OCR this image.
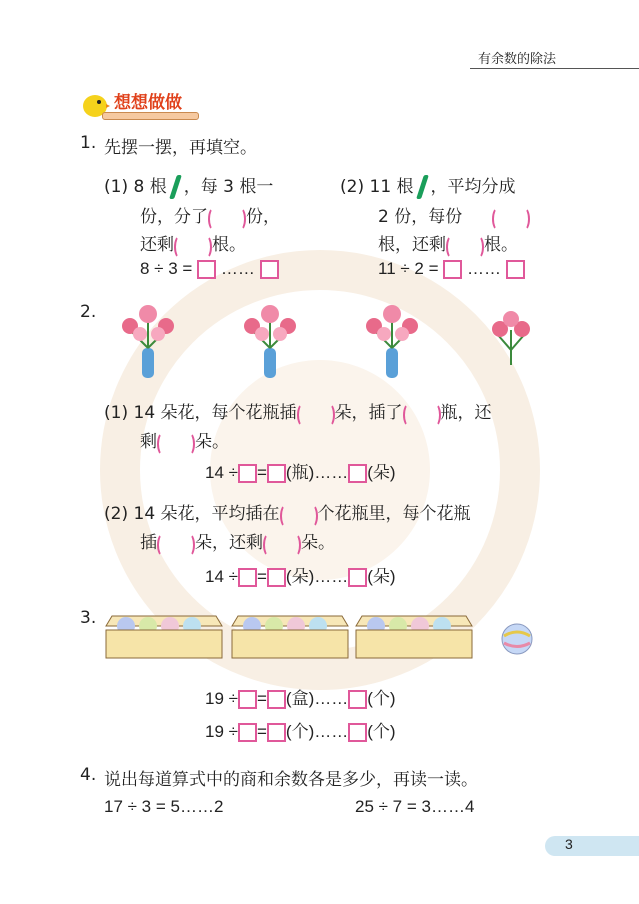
有余数的除法
想想做做
1. 先摆一摆，再填空。
(1) 8 根 ，每 3 根一
份，分了 份，
还剩 根。
8 ÷ 3 = ……
(2) 11 根 ，平均分成
2 份，每份
根，还剩 根。
11 ÷ 2 = ……
2.
(1) 14 朵花，每个花瓶插 朵，插了 瓶，还
剩 朵。
14 ÷ = (瓶)…… (朵)
(2) 14 朵花，平均插在 个花瓶里，每个花瓶
插 朵，还剩 朵。
14 ÷ = (朵)…… (朵)
3.
19 ÷ = (盒)…… (个)
19 ÷ = (个)…… (个)
4. 说出每道算式中的商和余数各是多少，再读一读。
17 ÷ 3 = 5……2	25 ÷ 7 = 3……4
3
